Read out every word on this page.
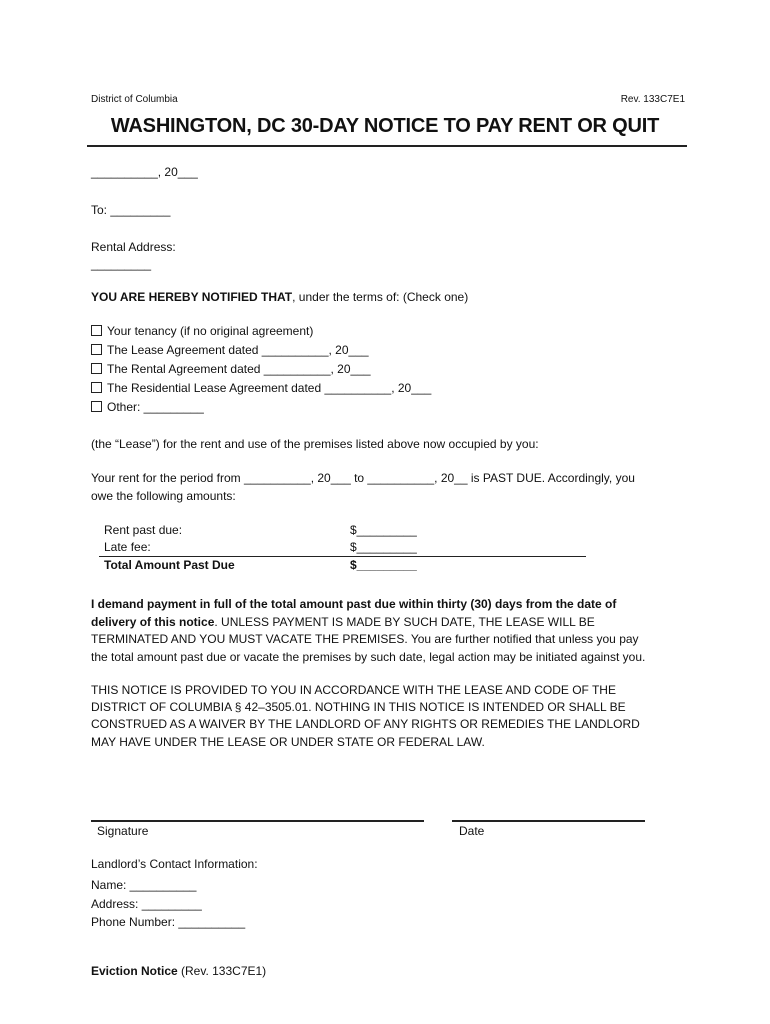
District of Columbia	Rev. 133C7E1
WASHINGTON, DC 30-DAY NOTICE TO PAY RENT OR QUIT
__________, 20___
To: _________
Rental Address:
_________
YOU ARE HEREBY NOTIFIED THAT, under the terms of: (Check one)
Your tenancy (if no original agreement)
The Lease Agreement dated __________, 20___
The Rental Agreement dated __________, 20___
The Residential Lease Agreement dated __________, 20___
Other: _________
(the “Lease”) for the rent and use of the premises listed above now occupied by you:
Your rent for the period from __________, 20___ to __________, 20__ is PAST DUE. Accordingly, you
owe the following amounts:
Rent past due:	$_________
Late fee:	$_________
Total Amount Past Due	$_________
I demand payment in full of the total amount past due within thirty (30) days from the date of
delivery of this notice. UNLESS PAYMENT IS MADE BY SUCH DATE, THE LEASE WILL BE
TERMINATED AND YOU MUST VACATE THE PREMISES. You are further notified that unless you pay
the total amount past due or vacate the premises by such date, legal action may be initiated against you.
THIS NOTICE IS PROVIDED TO YOU IN ACCORDANCE WITH THE LEASE AND CODE OF THE
DISTRICT OF COLUMBIA § 42–3505.01. NOTHING IN THIS NOTICE IS INTENDED OR SHALL BE
CONSTRUED AS A WAIVER BY THE LANDLORD OF ANY RIGHTS OR REMEDIES THE LANDLORD
MAY HAVE UNDER THE LEASE OR UNDER STATE OR FEDERAL LAW.
Signature	Date
Landlord’s Contact Information:
Name: __________
Address: _________
Phone Number: __________
Eviction Notice (Rev. 133C7E1)
